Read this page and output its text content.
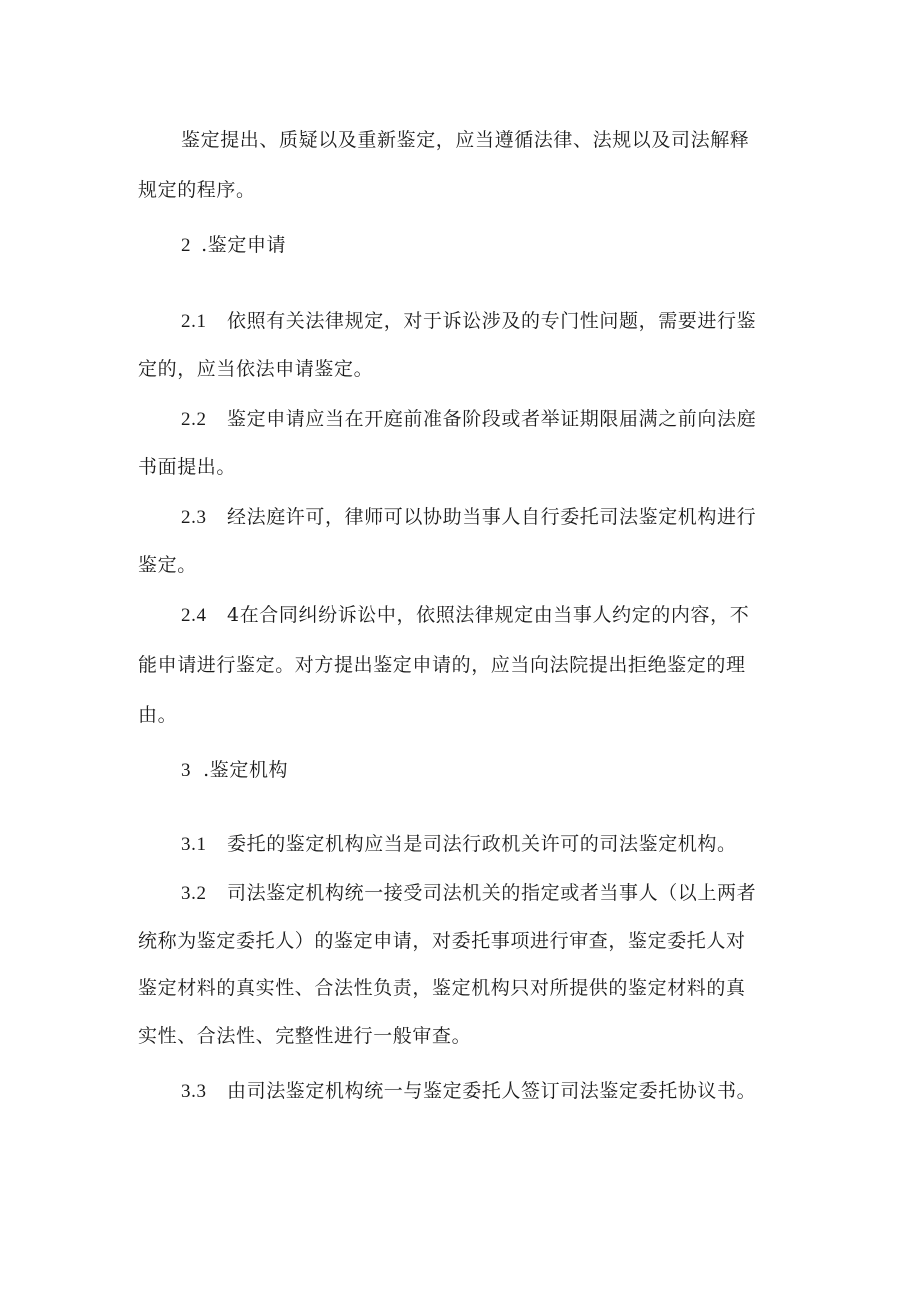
鉴定提出、质疑以及重新鉴定，应当遵循法律、法规以及司法解释
规定的程序。
2 .鉴定申请
2.1 依照有关法律规定，对于诉讼涉及的专门性问题，需要进行鉴
定的，应当依法申请鉴定。
2.2 鉴定申请应当在开庭前准备阶段或者举证期限届满之前向法庭
书面提出。
2.3 经法庭许可，律师可以协助当事人自行委托司法鉴定机构进行
鉴定。
2.4 4在合同纠纷诉讼中，依照法律规定由当事人约定的内容，不
能申请进行鉴定。对方提出鉴定申请的，应当向法院提出拒绝鉴定的理
由。
3 .鉴定机构
3.1 委托的鉴定机构应当是司法行政机关许可的司法鉴定机构。
3.2 司法鉴定机构统一接受司法机关的指定或者当事人（以上两者
统称为鉴定委托人）的鉴定申请，对委托事项进行审查，鉴定委托人对
鉴定材料的真实性、合法性负责，鉴定机构只对所提供的鉴定材料的真
实性、合法性、完整性进行一般审查。
3.3 由司法鉴定机构统一与鉴定委托人签订司法鉴定委托协议书。
